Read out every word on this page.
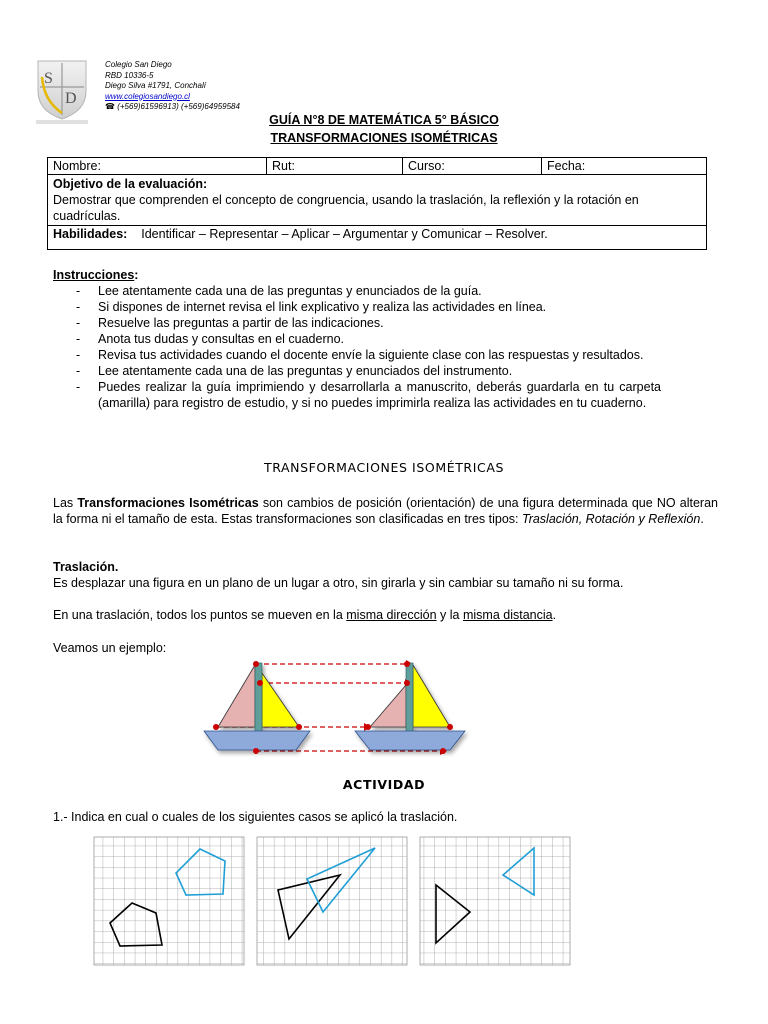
S
D
Colegio San Diego
RBD 10336-5
Diego Silva #1791, Conchalí
www.colegiosandiego.cl
☎ (+569)61596913) (+569)64959584
GUÍA N°8 DE MATEMÁTICA 5° BÁSICO
TRANSFORMACIONES ISOMÉTRICAS
Nombre:	Rut:	Curso:	Fecha:

Objetivo de la evaluación:
Demostrar que comprenden el concepto de congruencia, usando la traslación, la reflexión y la rotación en cuadrículas.

Habilidades: Identificar – Representar – Aplicar – Argumentar y Comunicar – Resolver.
Instrucciones:
- Lee atentamente cada una de las preguntas y enunciados de la guía.
- Si dispones de internet revisa el link explicativo y realiza las actividades en línea.
- Resuelve las preguntas a partir de las indicaciones.
- Anota tus dudas y consultas en el cuaderno.
- Revisa tus actividades cuando el docente envíe la siguiente clase con las respuestas y resultados.
- Lee atentamente cada una de las preguntas y enunciados del instrumento.
- Puedes realizar la guía imprimiendo y desarrollarla a manuscrito, deberás guardarla en tu carpeta (amarilla) para registro de estudio, y si no puedes imprimirla realiza las actividades en tu cuaderno.
TRANSFORMACIONES ISOMÉTRICAS
Las Transformaciones Isométricas son cambios de posición (orientación) de una figura determinada que NO alteran la forma ni el tamaño de esta. Estas transformaciones son clasificadas en tres tipos: Traslación, Rotación y Reflexión.
Traslación.
Es desplazar una figura en un plano de un lugar a otro, sin girarla y sin cambiar su tamaño ni su forma.
En una traslación, todos los puntos se mueven en la misma dirección y la misma distancia.
Veamos un ejemplo:
ACTIVIDAD
1.- Indica en cual o cuales de los siguientes casos se aplicó la traslación.
